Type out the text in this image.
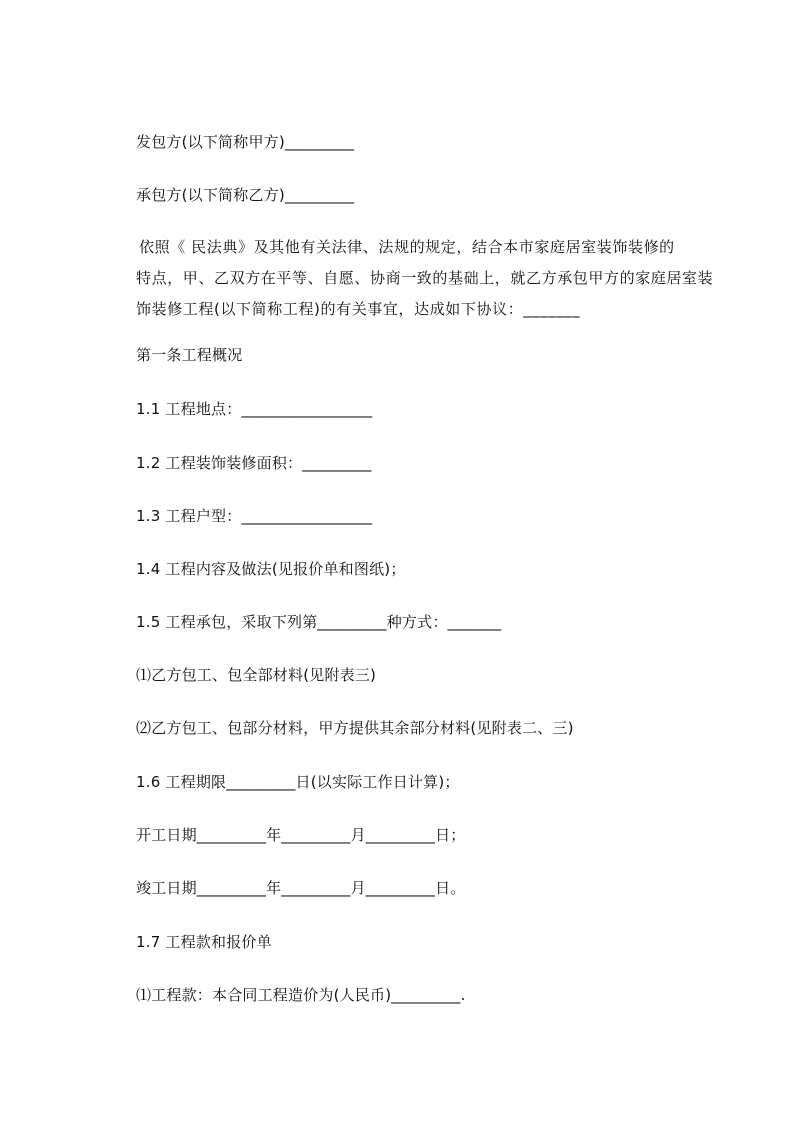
发包方(以下简称甲方)_________
承包方(以下简称乙方)_________
依照《 民法典》及其他有关法律、法规的规定，结合本市家庭居室装饰装修的
特点，甲、乙双方在平等、自愿、协商一致的基础上，就乙方承包甲方的家庭居室装
饰装修工程(以下简称工程)的有关事宜，达成如下协议：_______
第一条工程概况
1.1 工程地点：_________________
1.2 工程装饰装修面积：_________
1.3 工程户型：_________________
1.4 工程内容及做法(见报价单和图纸)；
1.5 工程承包，采取下列第_________种方式：_______
⑴乙方包工、包全部材料(见附表三)
⑵乙方包工、包部分材料，甲方提供其余部分材料(见附表二、三)
1.6 工程期限_________日(以实际工作日计算)；
开工日期_________年_________月_________日；
竣工日期_________年_________月_________日。
1.7 工程款和报价单
⑴工程款：本合同工程造价为(人民币)_________.
